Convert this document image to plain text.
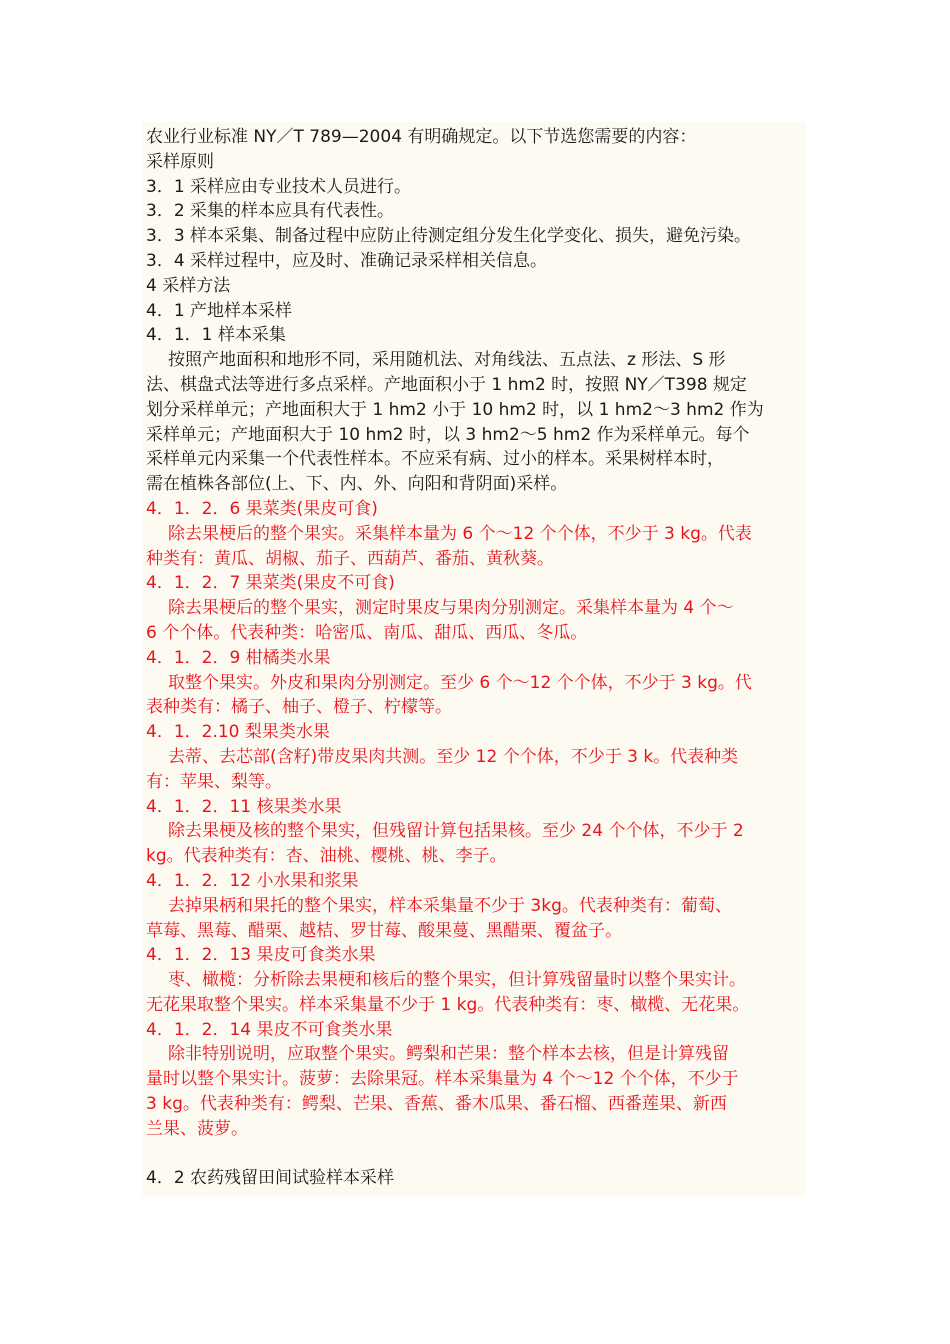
农业行业标准 NY／T 789—2004 有明确规定。以下节选您需要的内容：
采样原则
3．1 采样应由专业技术人员进行。
3．2 采集的样本应具有代表性。
3．3 样本采集、制备过程中应防止待测定组分发生化学变化、损失，避免污染。
3．4 采样过程中，应及时、准确记录采样相关信息。
4 采样方法
4．1 产地样本采样
4．1．1 样本采集
按照产地面积和地形不同，采用随机法、对角线法、五点法、z 形法、S 形
法、棋盘式法等进行多点采样。产地面积小于 1 hm2 时，按照 NY／T398 规定
划分采样单元；产地面积大于 1 hm2 小于 10 hm2 时，以 1 hm2～3 hm2 作为
采样单元；产地面积大于 10 hm2 时，以 3 hm2～5 hm2 作为采样单元。每个
采样单元内采集一个代表性样本。不应采有病、过小的样本。采果树样本时，
需在植株各部位(上、下、内、外、向阳和背阴面)采样。
4．1．2．6 果菜类(果皮可食)
除去果梗后的整个果实。采集样本量为 6 个～12 个个体，不少于 3 kg。代表
种类有：黄瓜、胡椒、茄子、西葫芦、番茄、黄秋葵。
4．1．2．7 果菜类(果皮不可食)
除去果梗后的整个果实，测定时果皮与果肉分别测定。采集样本量为 4 个～
6 个个体。代表种类：哈密瓜、南瓜、甜瓜、西瓜、冬瓜。
4．1．2．9 柑橘类水果
取整个果实。外皮和果肉分别测定。至少 6 个～12 个个体，不少于 3 kg。代
表种类有：橘子、柚子、橙子、柠檬等。
4．1．2.10 梨果类水果
去蒂、去芯部(含籽)带皮果肉共测。至少 12 个个体，不少于 3 k。代表种类
有：苹果、梨等。
4．1．2．11 核果类水果
除去果梗及核的整个果实，但残留计算包括果核。至少 24 个个体，不少于 2
kg。代表种类有：杏、油桃、樱桃、桃、李子。
4．1．2．12 小水果和浆果
去掉果柄和果托的整个果实，样本采集量不少于 3kg。代表种类有：葡萄、
草莓、黑莓、醋栗、越桔、罗甘莓、酸果蔓、黑醋栗、覆盆子。
4．1．2．13 果皮可食类水果
枣、橄榄：分析除去果梗和核后的整个果实，但计算残留量时以整个果实计。
无花果取整个果实。样本采集量不少于 1 kg。代表种类有：枣、橄榄、无花果。
4．1．2．14 果皮不可食类水果
除非特别说明，应取整个果实。鳄梨和芒果：整个样本去核，但是计算残留
量时以整个果实计。菠萝：去除果冠。样本采集量为 4 个～12 个个体，不少于
3 kg。代表种类有：鳄梨、芒果、香蕉、番木瓜果、番石榴、西番莲果、新西
兰果、菠萝。
4．2 农药残留田间试验样本采样
